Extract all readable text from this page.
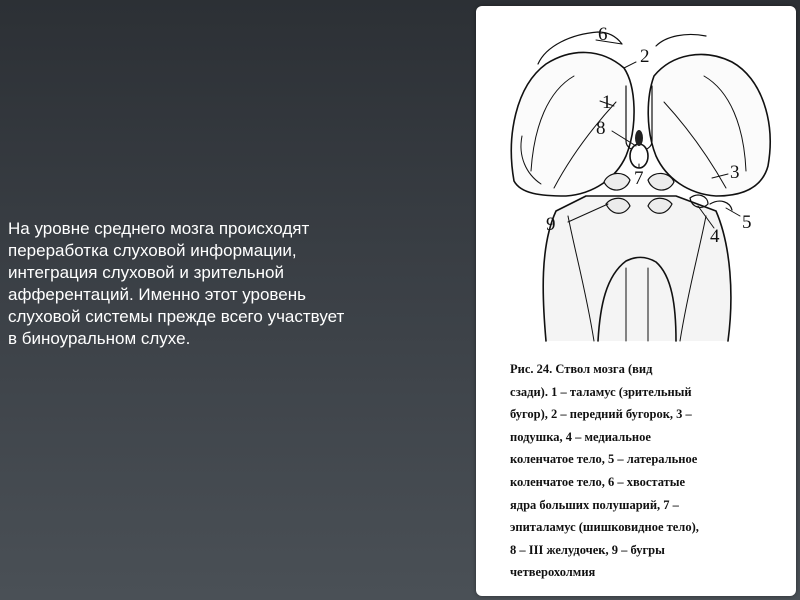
На уровне среднего мозга происходят
переработка слуховой информации,
интеграция слуховой и зрительной
афферентаций. Именно этот уровень
слуховой системы прежде всего участвует
в биноуральном слухе.
6
2
1
8
7	3
9
4
5
Рис. 24. Ствол мозга (вид
сзади). 1 – таламус (зрительный
бугор), 2 – передний бугорок, 3 –
подушка, 4 – медиальное
коленчатое тело, 5 – латеральное
коленчатое тело, 6 – хвостатые
ядра больших полушарий, 7 –
эпиталамус (шишковидное тело),
8 – III желудочек, 9 – бугры
четверохолмия
